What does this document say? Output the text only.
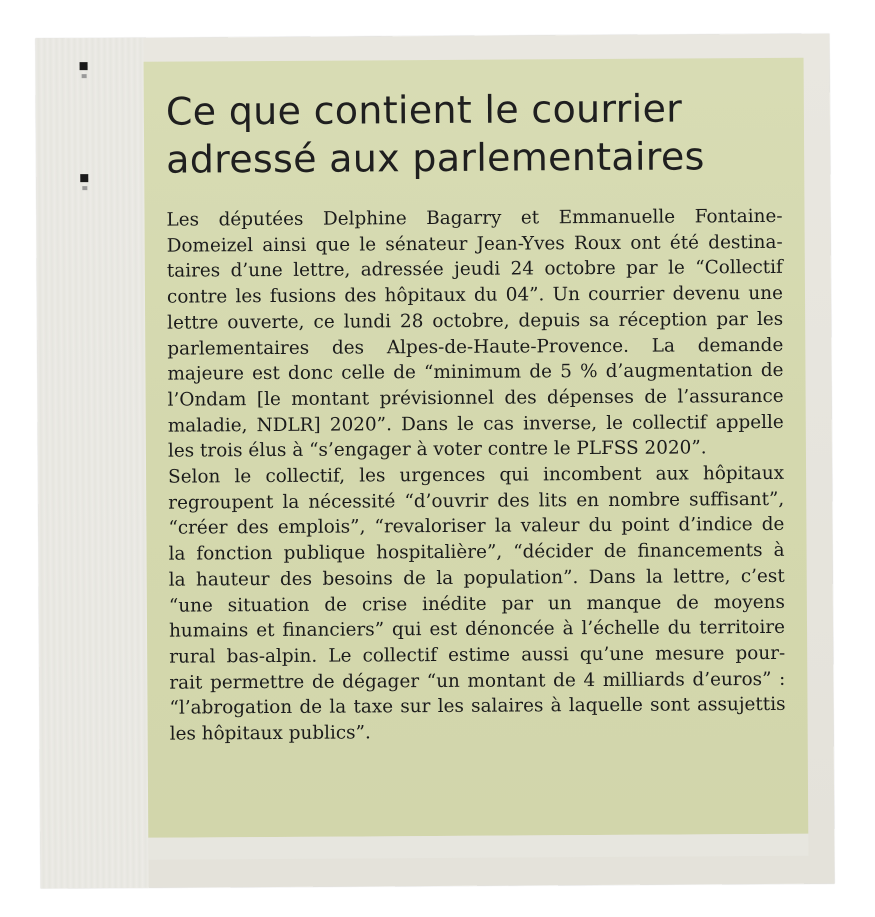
Ce que contient le courrier
adressé aux parlementaires
Les députées Delphine Bagarry et Emmanuelle Fontaine-
Domeizel ainsi que le sénateur Jean-Yves Roux ont été destina-
taires d’une lettre, adressée jeudi 24 octobre par le “Collectif
contre les fusions des hôpitaux du 04”. Un courrier devenu une
lettre ouverte, ce lundi 28 octobre, depuis sa réception par les
parlementaires des Alpes-de-Haute-Provence. La demande
majeure est donc celle de “minimum de 5 % d’augmentation de
l’Ondam [le montant prévisionnel des dépenses de l’assurance
maladie, NDLR] 2020”. Dans le cas inverse, le collectif appelle
les trois élus à “s’engager à voter contre le PLFSS 2020”.
Selon le collectif, les urgences qui incombent aux hôpitaux
regroupent la nécessité “d’ouvrir des lits en nombre suffisant”,
“créer des emplois”, “revaloriser la valeur du point d’indice de
la fonction publique hospitalière”, “décider de financements à
la hauteur des besoins de la population”. Dans la lettre, c’est
“une situation de crise inédite par un manque de moyens
humains et financiers” qui est dénoncée à l’échelle du territoire
rural bas-alpin. Le collectif estime aussi qu’une mesure pour-
rait permettre de dégager “un montant de 4 milliards d’euros” :
“l’abrogation de la taxe sur les salaires à laquelle sont assujettis
les hôpitaux publics”.
